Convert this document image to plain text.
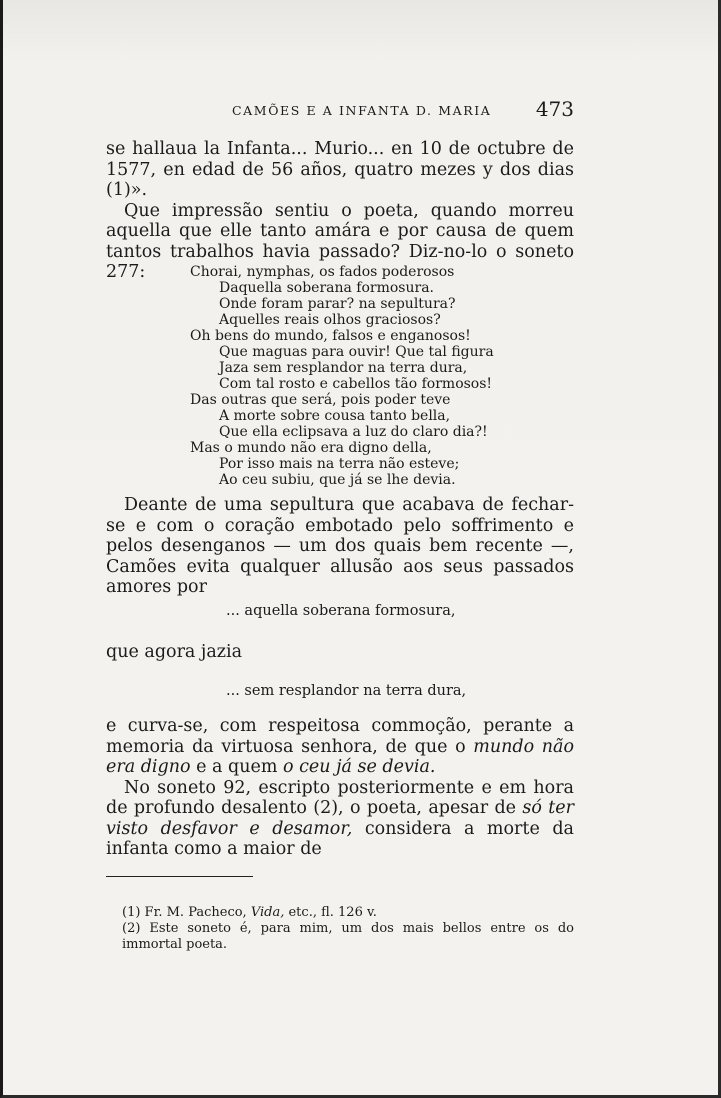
CAMÕES E A INFANTA D. MARIA 473

se hallaua la Infanta... Murio... en 10 de octubre de 1577, en edad de 56 años, quatro mezes y dos dias (1)».

Que impressão sentiu o poeta, quando morreu aquella que elle tanto amára e por causa de quem tantos trabalhos havia passado? Diz-no-lo o soneto 277:	Chorai, nymphas, os fados poderosos
Daquella soberana formosura.
Onde foram parar? na sepultura?
Aquelles reais olhos graciosos?
Oh bens do mundo, falsos e enganosos!
Que maguas para ouvir! Que tal figura
Jaza sem resplandor na terra dura,
Com tal rosto e cabellos tão formosos!
Das outras que será, pois poder teve
A morte sobre cousa tanto bella,
Que ella eclipsava a luz do claro dia?!
Mas o mundo não era digno della,
Por isso mais na terra não esteve;
Ao ceu subiu, que já se lhe devia.

Deante de uma sepultura que acabava de fechar-se e com o coração embotado pelo soffrimento e pelos desenganos — um dos quais bem recente —, Camões evita qualquer allusão aos seus passados amores por

... aquella soberana formosura,
que agora jazia
... sem resplandor na terra dura,

e curva-se, com respeitosa commoção, perante a memoria da virtuosa senhora, de que o mundo não era digno e a quem o ceu já se devia.

No soneto 92, escripto posteriormente e em hora de profundo desalento (2), o poeta, apesar de só ter visto desfavor e desamor, considera a morte da infanta como a maior de

(1) Fr. M. Pacheco, Vida, etc., fl. 126 v.

(2) Este soneto é, para mim, um dos mais bellos entre os do immortal poeta.
